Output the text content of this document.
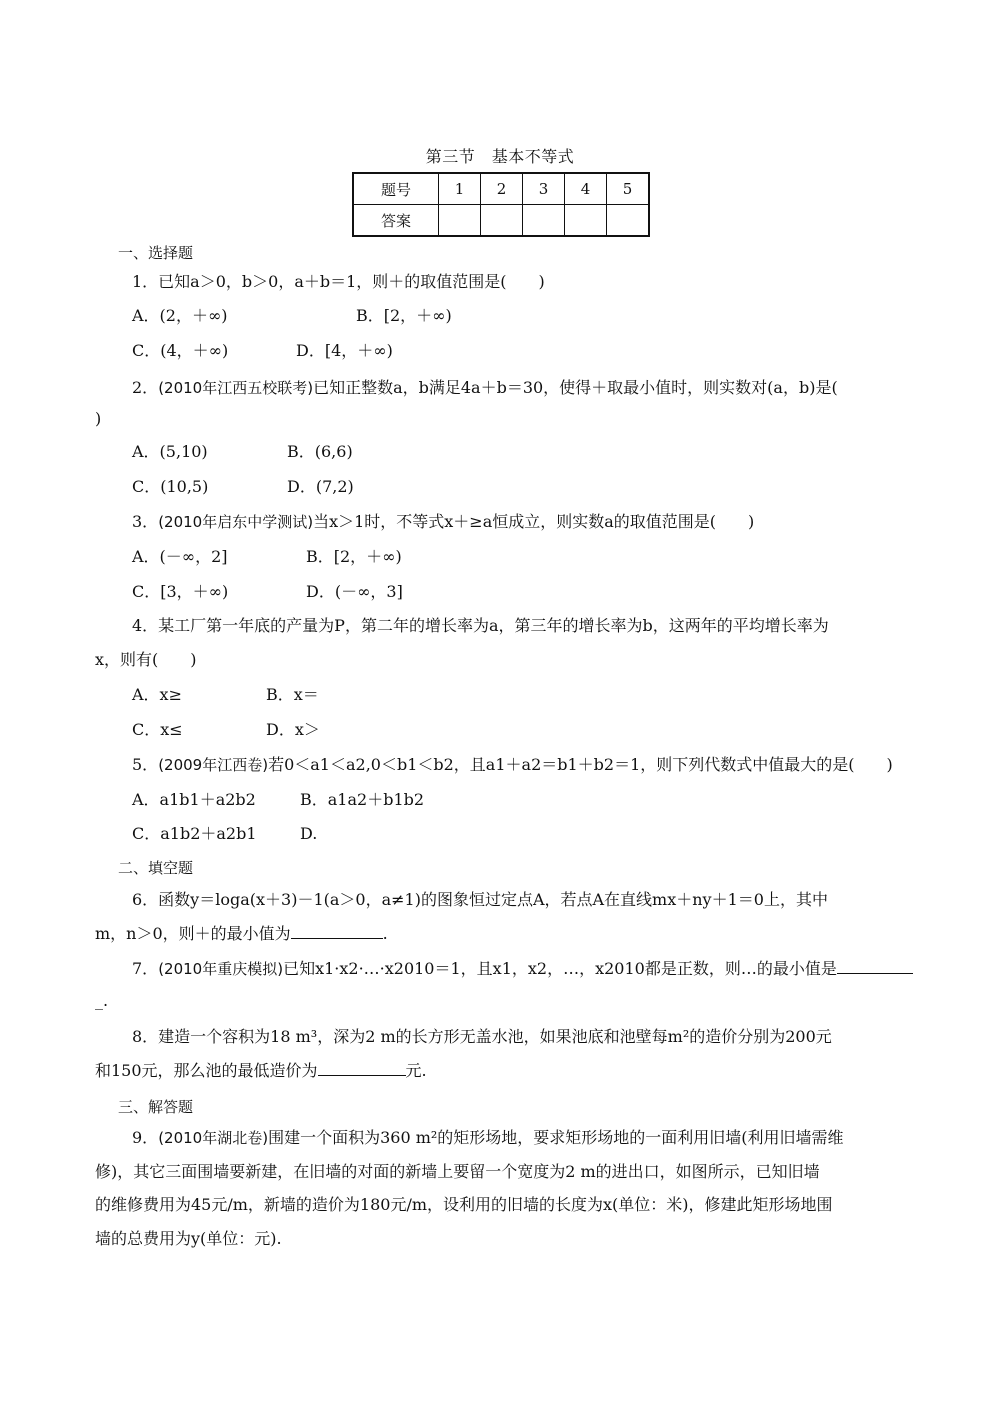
第三节　基本不等式
题号	1	2	3	4	5
答案					
一、选择题
1．已知a＞0，b＞0，a＋b＝1，则＋的取值范围是(　　)
A．(2，＋∞)	B．[2，＋∞)
C．(4，＋∞)	D．[4，＋∞)
2．(2010年江西五校联考)已知正整数a，b满足4a＋b＝30，使得＋取最小值时，则实数对(a，b)是(
)
A．(5,10)	B．(6,6)
C．(10,5)	D．(7,2)
3．(2010年启东中学测试)当x＞1时，不等式x＋≥a恒成立，则实数a的取值范围是(　　)
A．(－∞，2]	B．[2，＋∞)
C．[3，＋∞)	D．(－∞，3]
4．某工厂第一年底的产量为P，第二年的增长率为a，第三年的增长率为b，这两年的平均增长率为
x，则有(　　)
A．x≥	B．x＝
C．x≤	D．x＞
5．(2009年江西卷)若0＜a1＜a2,0＜b1＜b2，且a1＋a2＝b1＋b2＝1，则下列代数式中值最大的是(　　)
A．a1b1＋a2b2	B．a1a2＋b1b2
C．a1b2＋a2b1	D.
二、填空题
6．函数y＝loga(x＋3)－1(a＞0，a≠1)的图象恒过定点A，若点A在直线mx＋ny＋1＝0上，其中
m，n＞0，则＋的最小值为	.
7．(2010年重庆模拟)已知x1·x2·…·x2010＝1，且x1，x2，…，x2010都是正数，则…的最小值是
_.
8．建造一个容积为18 m³，深为2 m的长方形无盖水池，如果池底和池壁每m²的造价分别为200元
和150元，那么池的最低造价为	元.
三、解答题
9．(2010年湖北卷)围建一个面积为360 m²的矩形场地，要求矩形场地的一面利用旧墙(利用旧墙需维
修)，其它三面围墙要新建，在旧墙的对面的新墙上要留一个宽度为2 m的进出口，如图所示，已知旧墙
的维修费用为45元/m，新墙的造价为180元/m，设利用的旧墙的长度为x(单位：米)，修建此矩形场地围
墙的总费用为y(单位：元).
